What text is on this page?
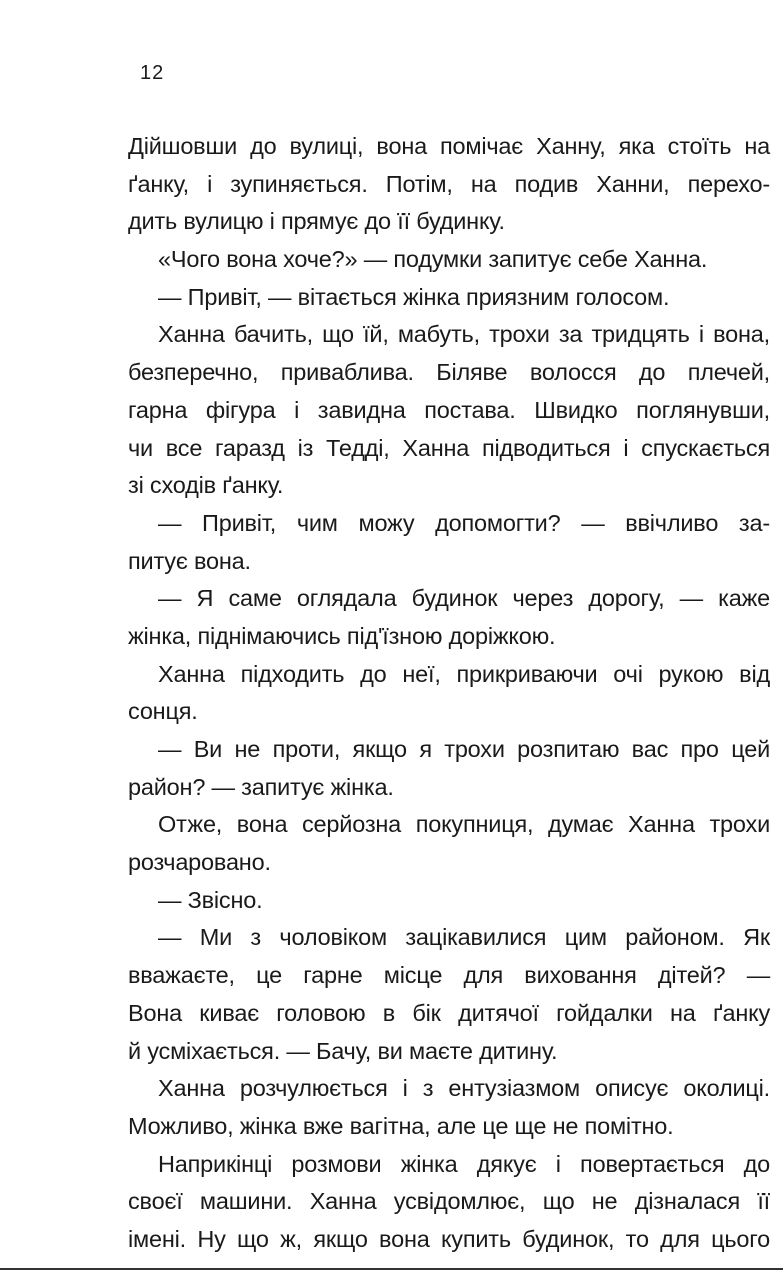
12
Дійшовши до вулиці, вона помічає Ханну, яка стоїть на
ґанку, і зупиняється. Потім, на подив Ханни, перехо-
дить вулицю і прямує до її будинку.
«Чого вона хоче?» — подумки запитує себе Ханна.
— Привіт, — вітається жінка приязним голосом.
Ханна бачить, що їй, мабуть, трохи за тридцять і вона,
безперечно, приваблива. Біляве волосся до плечей,
гарна фігура і завидна постава. Швидко поглянувши,
чи все гаразд із Тедді, Ханна підводиться і спускається
зі сходів ґанку.
— Привіт, чим можу допомогти? — ввічливо за-
питує вона.
— Я саме оглядала будинок через дорогу, — каже
жінка, піднімаючись під'їзною доріжкою.
Ханна підходить до неї, прикриваючи очі рукою від
сонця.
— Ви не проти, якщо я трохи розпитаю вас про цей
район? — запитує жінка.
Отже, вона серйозна покупниця, думає Ханна трохи
розчаровано.
— Звісно.
— Ми з чоловіком зацікавилися цим районом. Як
вважаєте, це гарне місце для виховання дітей? —
Вона киває головою в бік дитячої гойдалки на ґанку
й усміхається. — Бачу, ви маєте дитину.
Ханна розчулюється і з ентузіазмом описує околиці.
Можливо, жінка вже вагітна, але це ще не помітно.
Наприкінці розмови жінка дякує і повертається до
своєї машини. Ханна усвідомлює, що не дізналася її
імені. Ну що ж, якщо вона купить будинок, то для цього
